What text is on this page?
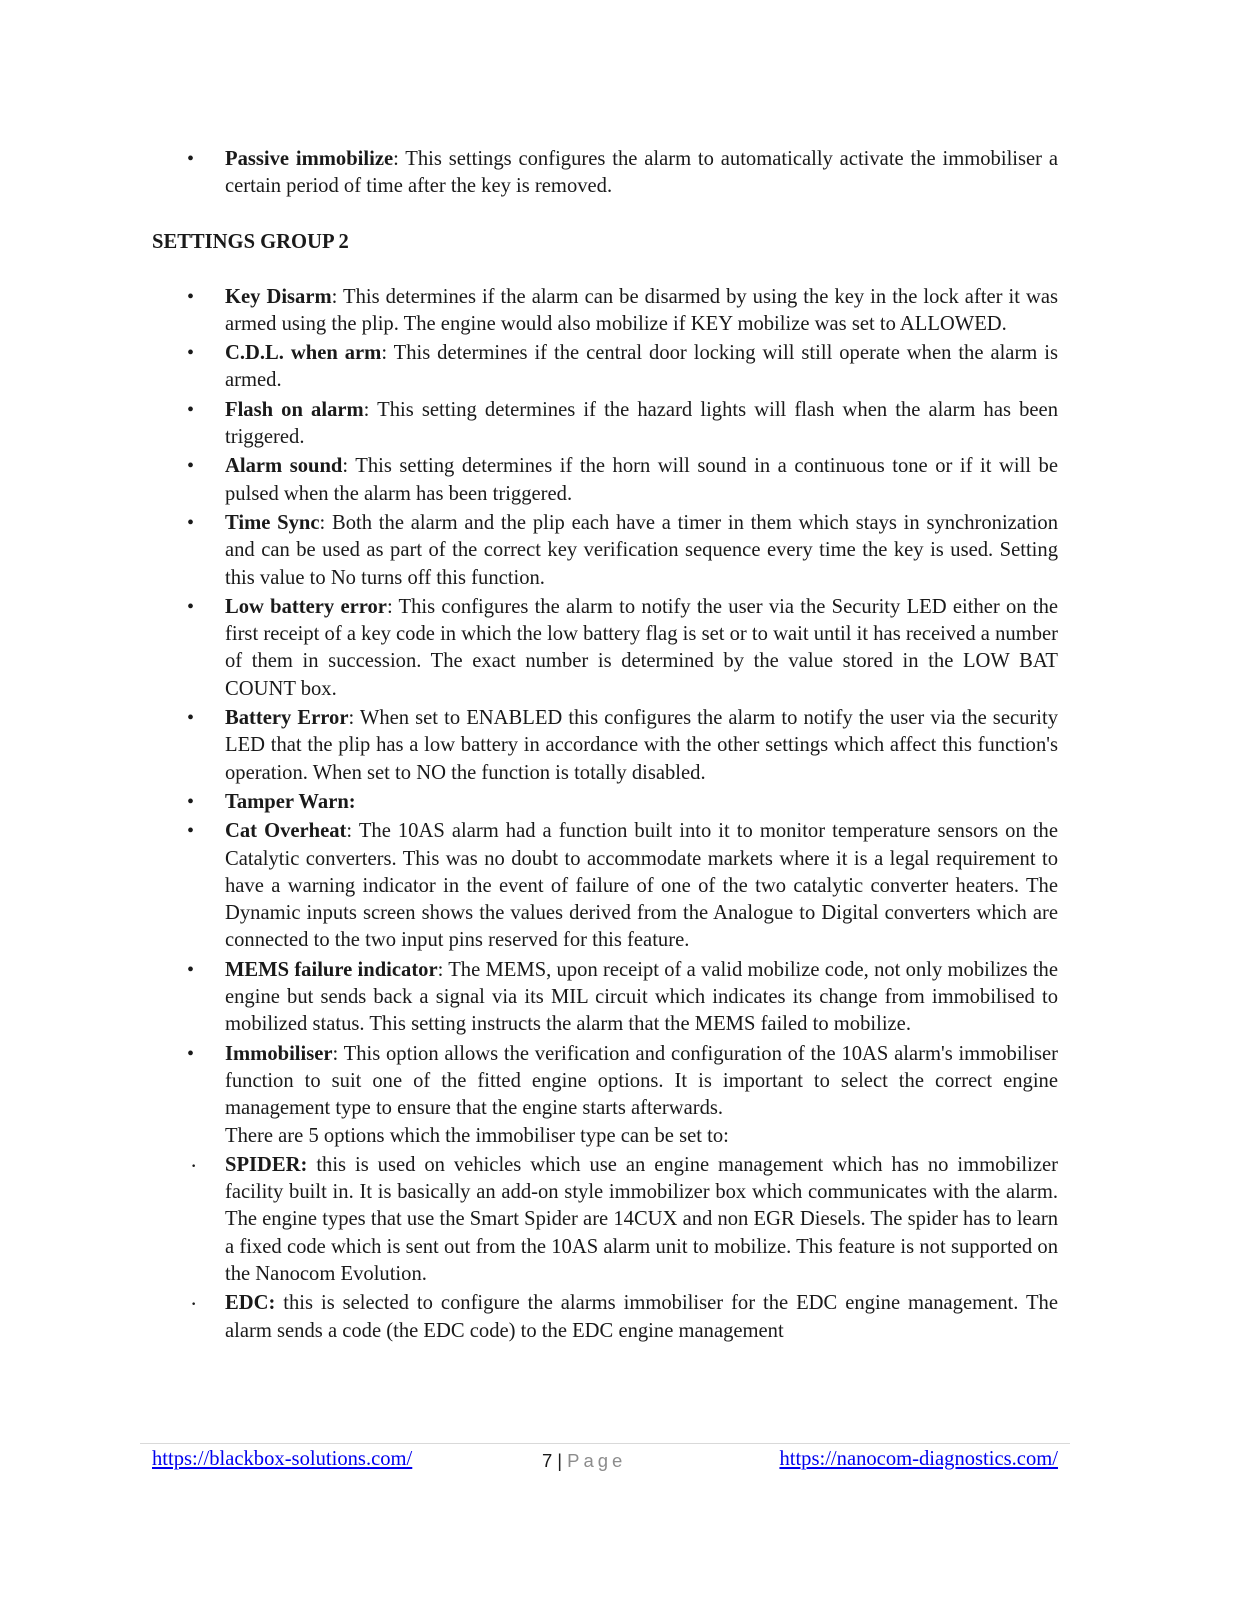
• Passive immobilize: This settings configures the alarm to automatically activate the immobiliser a certain period of time after the key is removed.
SETTINGS GROUP 2
• Key Disarm: This determines if the alarm can be disarmed by using the key in the lock after it was armed using the plip. The engine would also mobilize if KEY mobilize was set to ALLOWED.
• C.D.L. when arm: This determines if the central door locking will still operate when the alarm is armed.
• Flash on alarm: This setting determines if the hazard lights will flash when the alarm has been triggered.
• Alarm sound: This setting determines if the horn will sound in a continuous tone or if it will be pulsed when the alarm has been triggered.
• Time Sync: Both the alarm and the plip each have a timer in them which stays in synchronization and can be used as part of the correct key verification sequence every time the key is used. Setting this value to No turns off this function.
• Low battery error: This configures the alarm to notify the user via the Security LED either on the first receipt of a key code in which the low battery flag is set or to wait until it has received a number of them in succession. The exact number is determined by the value stored in the LOW BAT COUNT box.
• Battery Error: When set to ENABLED this configures the alarm to notify the user via the security LED that the plip has a low battery in accordance with the other settings which affect this function's operation. When set to NO the function is totally disabled.
• Tamper Warn:
• Cat Overheat: The 10AS alarm had a function built into it to monitor temperature sensors on the Catalytic converters. This was no doubt to accommodate markets where it is a legal requirement to have a warning indicator in the event of failure of one of the two catalytic converter heaters. The Dynamic inputs screen shows the values derived from the Analogue to Digital converters which are connected to the two input pins reserved for this feature.
• MEMS failure indicator: The MEMS, upon receipt of a valid mobilize code, not only mobilizes the engine but sends back a signal via its MIL circuit which indicates its change from immobilised to mobilized status. This setting instructs the alarm that the MEMS failed to mobilize.
• Immobiliser: This option allows the verification and configuration of the 10AS alarm's immobiliser function to suit one of the fitted engine options. It is important to select the correct engine management type to ensure that the engine starts afterwards.
There are 5 options which the immobiliser type can be set to:
· SPIDER: this is used on vehicles which use an engine management which has no immobilizer facility built in. It is basically an add-on style immobilizer box which communicates with the alarm. The engine types that use the Smart Spider are 14CUX and non EGR Diesels. The spider has to learn a fixed code which is sent out from the 10AS alarm unit to mobilize. This feature is not supported on the Nanocom Evolution.
· EDC: this is selected to configure the alarms immobiliser for the EDC engine management. The alarm sends a code (the EDC code) to the EDC engine management
https://blackbox-solutions.com/	7 | Page	https://nanocom-diagnostics.com/
